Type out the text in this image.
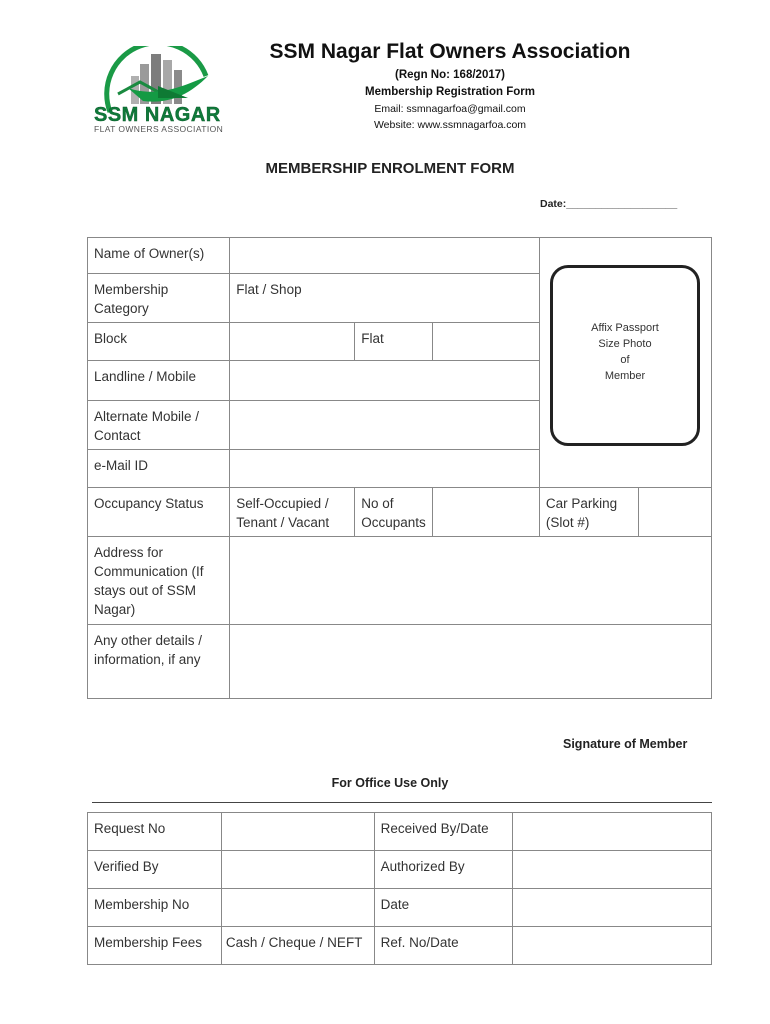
SSM NAGAR
FLAT OWNERS ASSOCIATION
SSM Nagar Flat Owners Association
(Regn No: 168/2017)
Membership Registration Form
Email: ssmnagarfoa@gmail.com
Website: www.ssmnagarfoa.com
MEMBERSHIP ENROLMENT FORM
Date:___________________
Name of Owner(s)					
Membership Category	Flat / Shop				
Block		Flat			
Landline / Mobile					
Alternate Mobile / Contact					
e-Mail ID					
Occupancy Status	Self-Occupied / Tenant / Vacant	No of Occupants		Car Parking (Slot #)	
Address for Communication (If stays out of SSM Nagar)					
Any other details / information, if any					
Affix Passport
Size Photo
of
Member
Signature of Member
For Office Use Only
Request No		Received By/Date	
Verified By		Authorized By	
Membership No		Date	
Membership Fees	Cash / Cheque / NEFT	Ref. No/Date	
